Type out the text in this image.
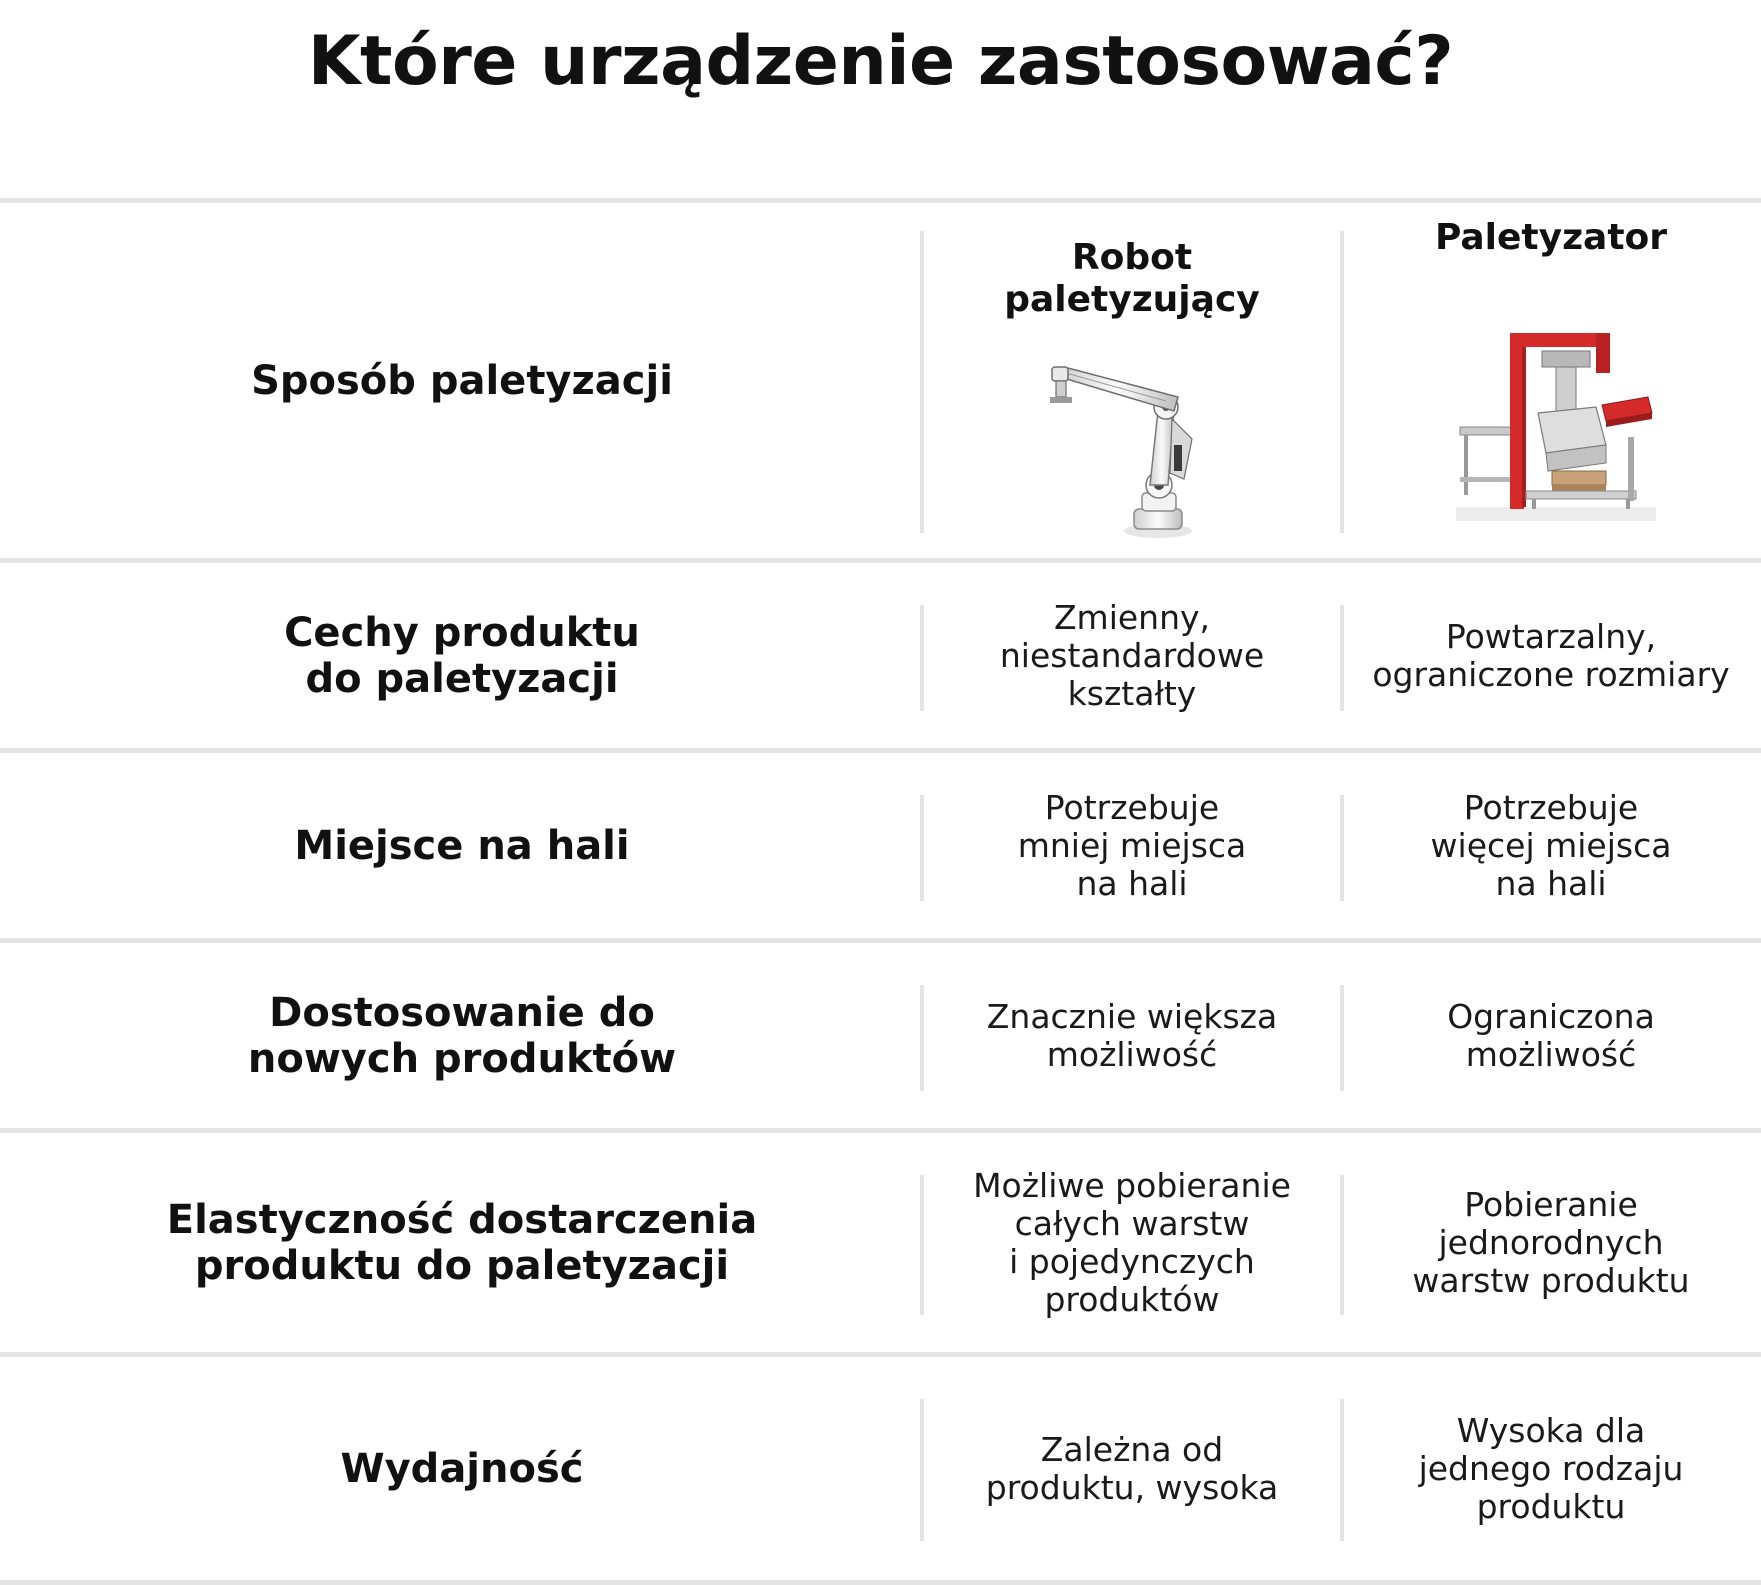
Które urządzenie zastosować?
Sposób paletyzacji
Robot
paletyzujący
Paletyzator
Cechy produktu
do paletyzacji
Zmienny,
niestandardowe
kształty
Powtarzalny,
ograniczone rozmiary
Miejsce na hali
Potrzebuje
mniej miejsca
na hali
Potrzebuje
więcej miejsca
na hali
Dostosowanie do
nowych produktów
Znacznie większa
możliwość
Ograniczona
możliwość
Elastyczność dostarczenia
produktu do paletyzacji
Możliwe pobieranie
całych warstw
i pojedynczych
produktów
Pobieranie
jednorodnych
warstw produktu
Wydajność	Zależna od
produktu, wysoka
Wysoka dla
jednego rodzaju
produktu
